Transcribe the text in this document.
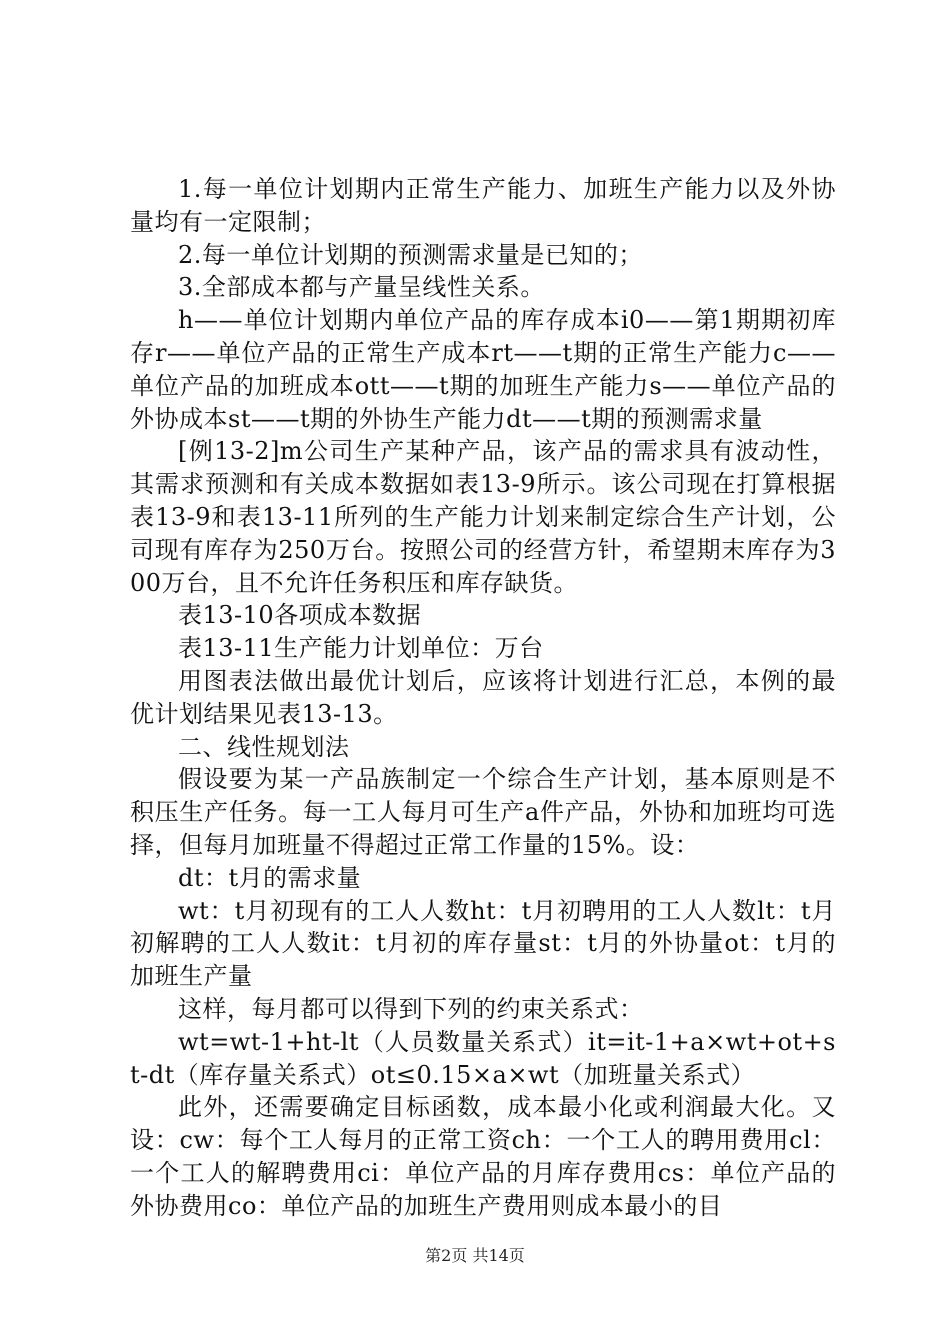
1.每一单位计划期内正常生产能力、加班生产能力以及外协量均有一定限制；

2.每一单位计划期的预测需求量是已知的；

3.全部成本都与产量呈线性关系。

h——单位计划期内单位产品的库存成本i0——第1期期初库存r——单位产品的正常生产成本rt——t期的正常生产能力c——单位产品的加班成本ott——t期的加班生产能力s——单位产品的外协成本st——t期的外协生产能力dt——t期的预测需求量

[例13-2]m公司生产某种产品，该产品的需求具有波动性，其需求预测和有关成本数据如表13-9所示。该公司现在打算根据表13-9和表13-11所列的生产能力计划来制定综合生产计划，公司现有库存为250万台。按照公司的经营方针，希望期末库存为300万台，且不允许任务积压和库存缺货。

表13-10各项成本数据

表13-11生产能力计划单位：万台

用图表法做出最优计划后，应该将计划进行汇总，本例的最优计划结果见表13-13。

二、线性规划法

假设要为某一产品族制定一个综合生产计划，基本原则是不积压生产任务。每一工人每月可生产a件产品，外协和加班均可选择，但每月加班量不得超过正常工作量的15%。设：

dt：t月的需求量

wt：t月初现有的工人人数ht：t月初聘用的工人人数lt：t月初解聘的工人人数it：t月初的库存量st：t月的外协量ot：t月的加班生产量

这样，每月都可以得到下列的约束关系式：

wt=wt-1+ht-lt（人员数量关系式）it=it-1+a×wt+ot+st-dt（库存量关系式）ot≤0.15×a×wt（加班量关系式）

此外，还需要确定目标函数，成本最小化或利润最大化。又设：cw：每个工人每月的正常工资ch：一个工人的聘用费用cl：一个工人的解聘费用ci：单位产品的月库存费用cs：单位产品的外协费用co：单位产品的加班生产费用则成本最小的目

第2页 共14页
